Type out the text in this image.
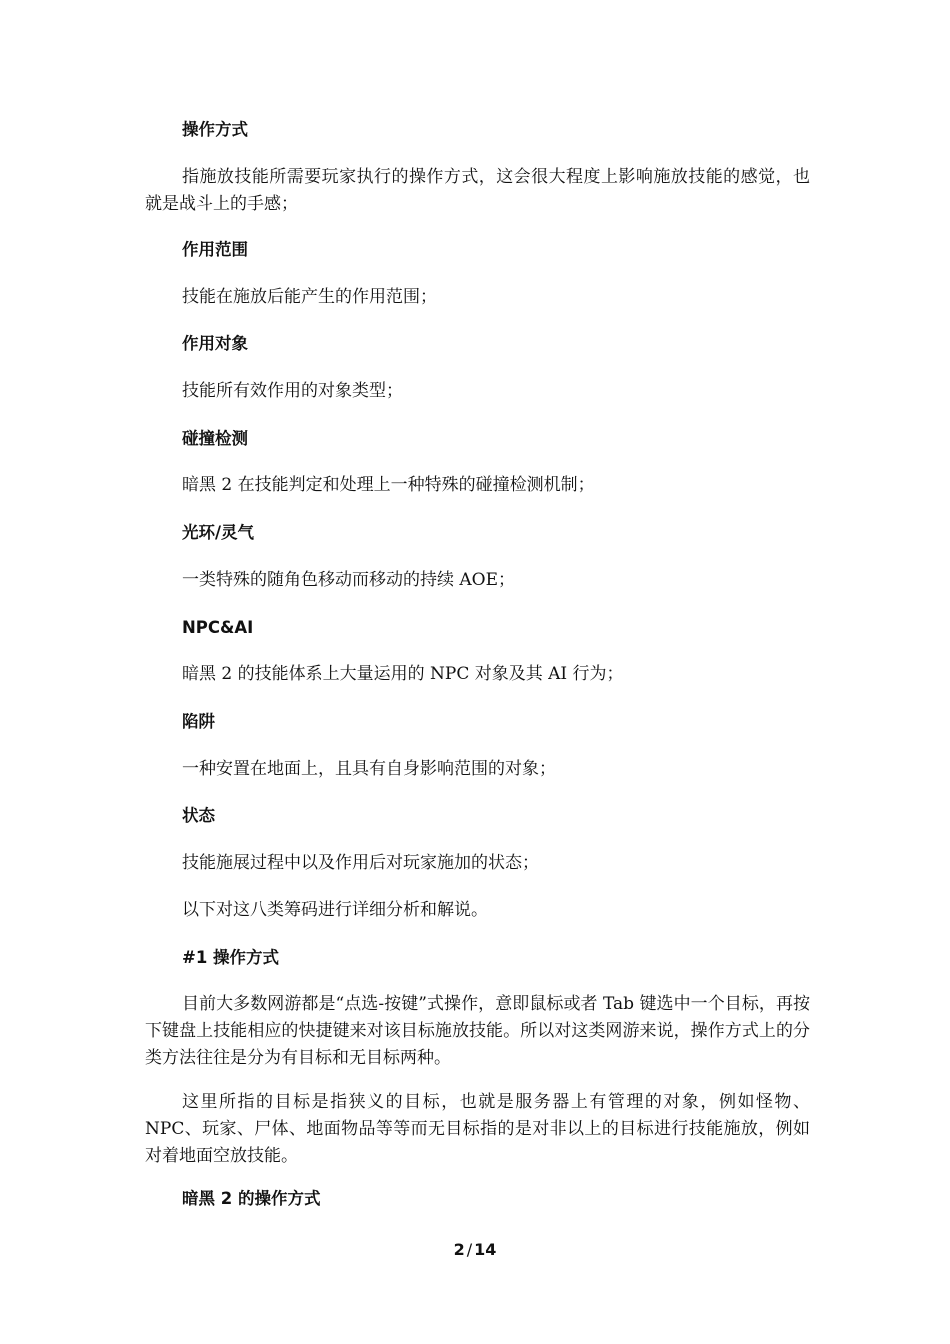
操作方式
指施放技能所需要玩家执行的操作方式，这会很大程度上影响施放技能的感觉，也就是战斗上的手感；
作用范围
技能在施放后能产生的作用范围；
作用对象
技能所有效作用的对象类型；
碰撞检测
暗黑 2 在技能判定和处理上一种特殊的碰撞检测机制；
光环/灵气
一类特殊的随角色移动而移动的持续 AOE；
NPC&AI
暗黑 2 的技能体系上大量运用的 NPC 对象及其 AI 行为；
陷阱
一种安置在地面上，且具有自身影响范围的对象；
状态
技能施展过程中以及作用后对玩家施加的状态；
以下对这八类筹码进行详细分析和解说。
#1 操作方式
目前大多数网游都是“点选-按键”式操作，意即鼠标或者 Tab 键选中一个目标，再按下键盘上技能相应的快捷键来对该目标施放技能。所以对这类网游来说，操作方式上的分类方法往往是分为有目标和无目标两种。
这里所指的目标是指狭义的目标，也就是服务器上有管理的对象，例如怪物、NPC、玩家、尸体、地面物品等等而无目标指的是对非以上的目标进行技能施放，例如对着地面空放技能。
暗黑 2 的操作方式
2 / 14
